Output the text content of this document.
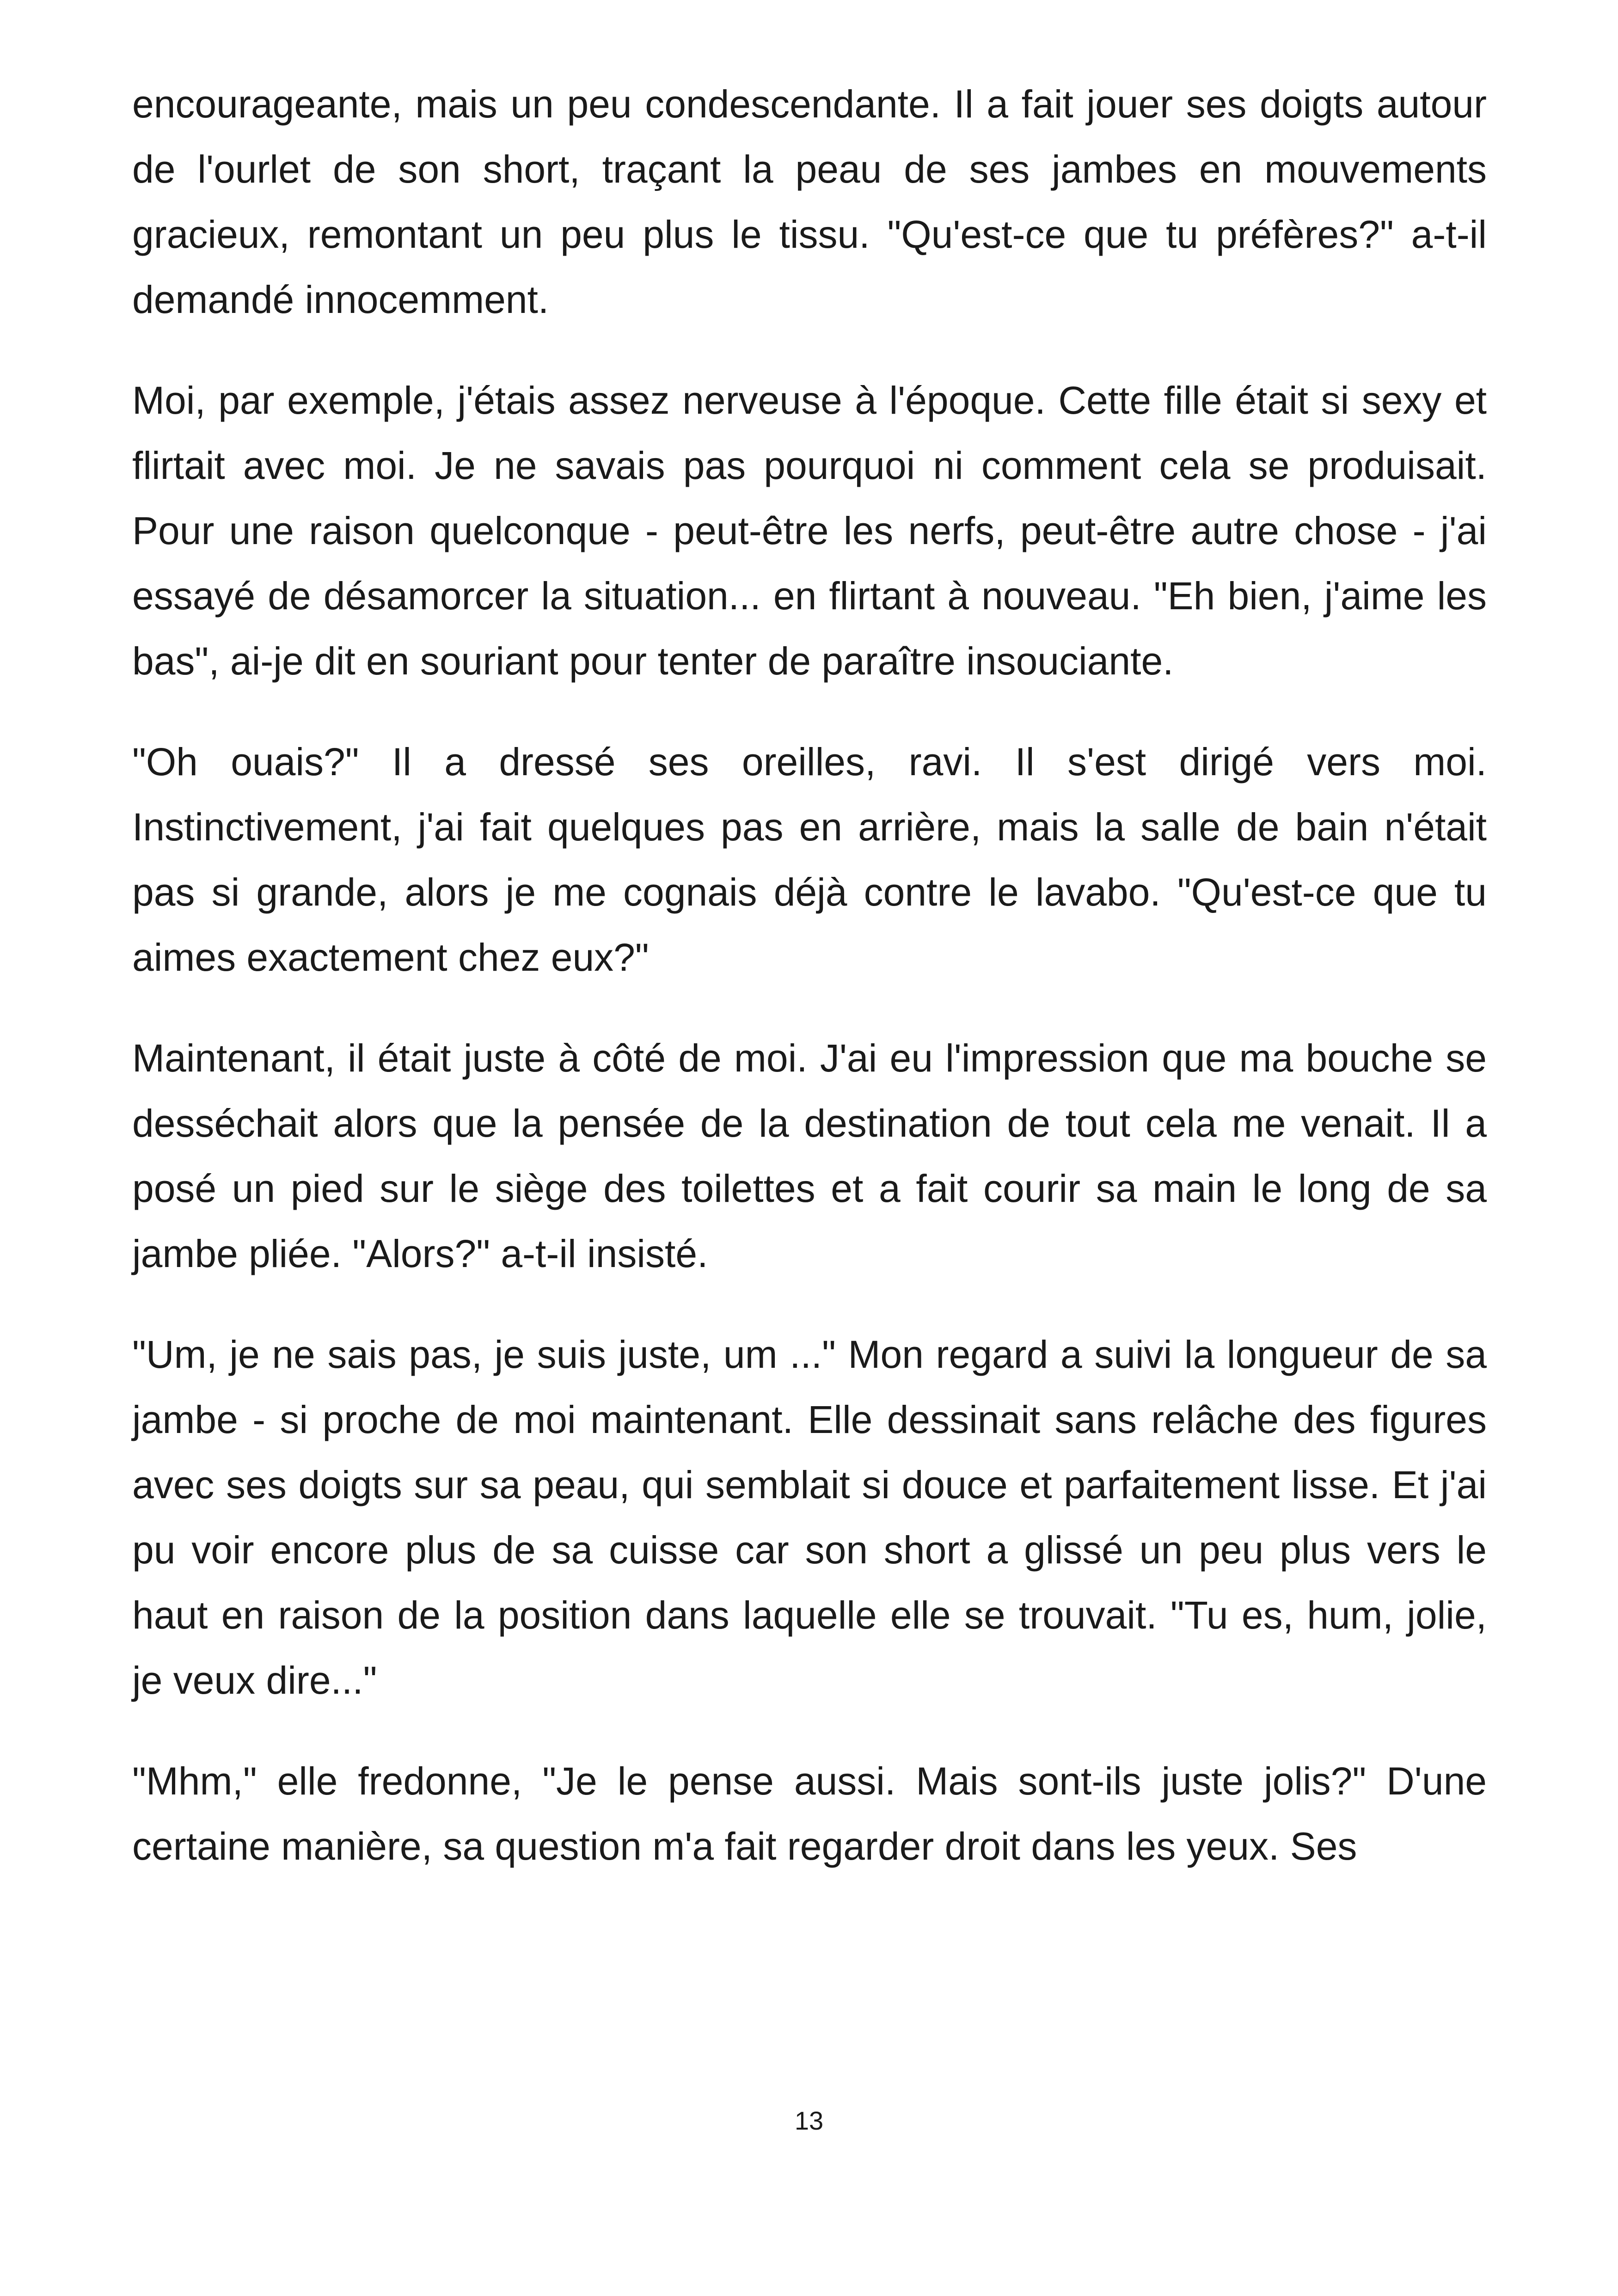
encourageante, mais un peu condescendante. Il a fait jouer ses doigts autour de l'ourlet de son short, traçant la peau de ses jambes en mouvements gracieux, remontant un peu plus le tissu. "Qu'est-ce que tu préfères?" a-t-il demandé innocemment.

Moi, par exemple, j'étais assez nerveuse à l'époque. Cette fille était si sexy et flirtait avec moi. Je ne savais pas pourquoi ni comment cela se produisait. Pour une raison quelconque - peut-être les nerfs, peut-être autre chose - j'ai essayé de désamorcer la situation... en flirtant à nouveau. "Eh bien, j'aime les bas", ai-je dit en souriant pour tenter de paraître insouciante.

"Oh ouais?" Il a dressé ses oreilles, ravi. Il s'est dirigé vers moi. Instinctivement, j'ai fait quelques pas en arrière, mais la salle de bain n'était pas si grande, alors je me cognais déjà contre le lavabo. "Qu'est-ce que tu aimes exactement chez eux?"

Maintenant, il était juste à côté de moi. J'ai eu l'impression que ma bouche se desséchait alors que la pensée de la destination de tout cela me venait. Il a posé un pied sur le siège des toilettes et a fait courir sa main le long de sa jambe pliée. "Alors?" a-t-il insisté.

"Um, je ne sais pas, je suis juste, um ..." Mon regard a suivi la longueur de sa jambe - si proche de moi maintenant. Elle dessinait sans relâche des figures avec ses doigts sur sa peau, qui semblait si douce et parfaitement lisse. Et j'ai pu voir encore plus de sa cuisse car son short a glissé un peu plus vers le haut en raison de la position dans laquelle elle se trouvait. "Tu es, hum, jolie, je veux dire..."

"Mhm," elle fredonne, "Je le pense aussi. Mais sont-ils juste jolis?" D'une certaine manière, sa question m'a fait regarder droit dans les yeux. Ses

13
